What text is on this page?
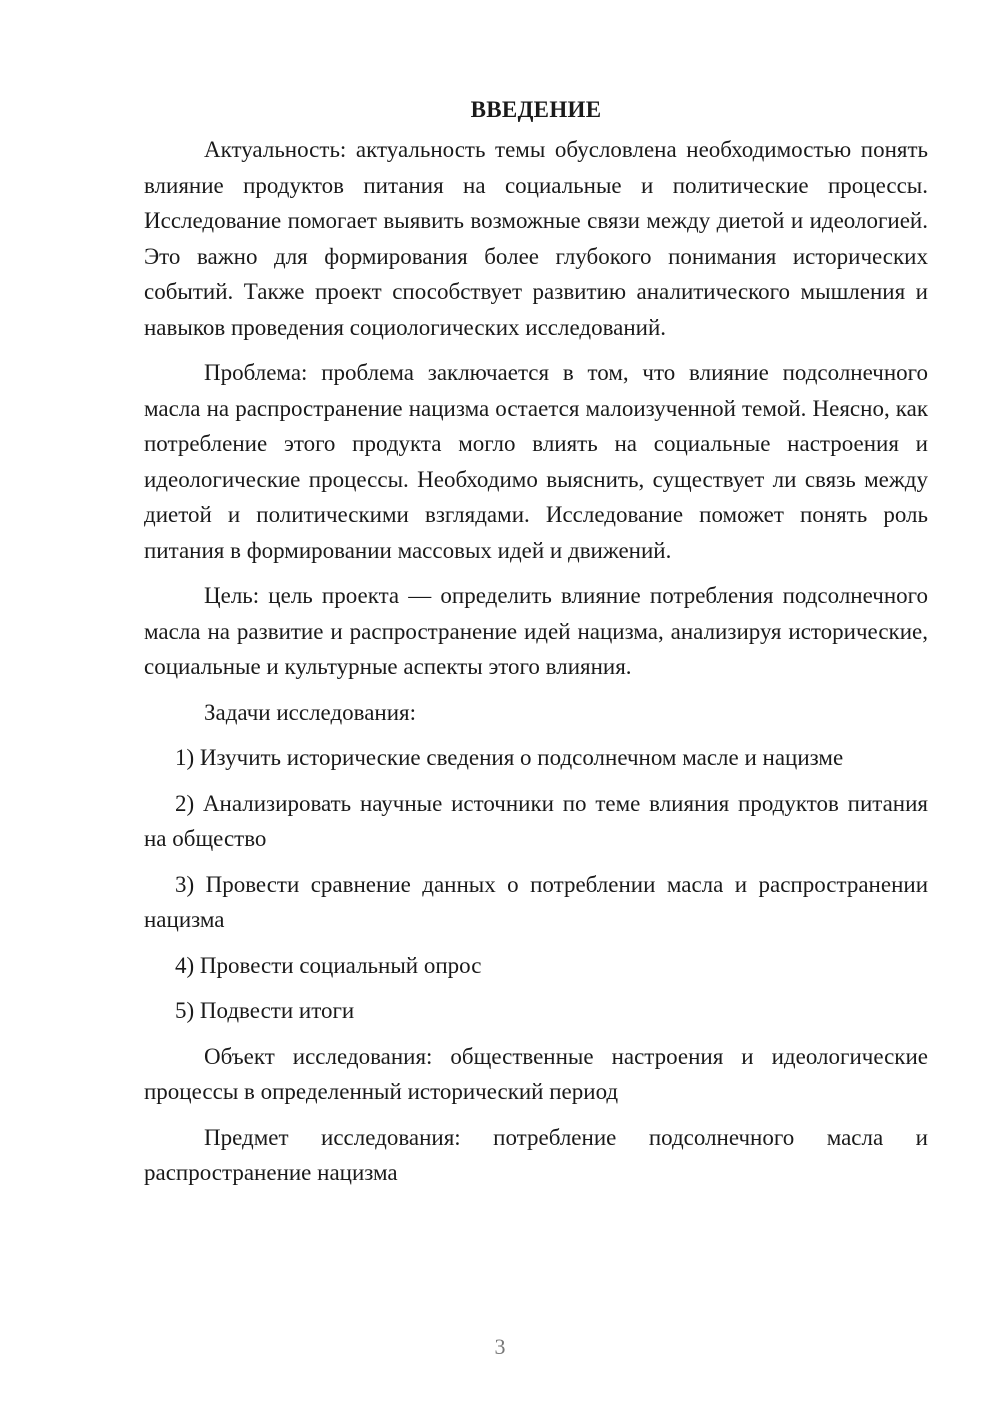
ВВЕДЕНИЕ

Актуальность: актуальность темы обусловлена необходимостью понять влияние продуктов питания на социальные и политические процессы. Исследование помогает выявить возможные связи между диетой и идеологией. Это важно для формирования более глубокого понимания исторических событий. Также проект способствует развитию аналитического мышления и навыков проведения социологических исследований.

Проблема: проблема заключается в том, что влияние подсолнечного масла на распространение нацизма остается малоизученной темой. Неясно, как потребление этого продукта могло влиять на социальные настроения и идеологические процессы. Необходимо выяснить, существует ли связь между диетой и политическими взглядами. Исследование поможет понять роль питания в формировании массовых идей и движений.

Цель: цель проекта — определить влияние потребления подсолнечного масла на развитие и распространение идей нацизма, анализируя исторические, социальные и культурные аспекты этого влияния.

Задачи исследования:

1) Изучить исторические сведения о подсолнечном масле и нацизме

2) Анализировать научные источники по теме влияния продуктов питания на общество

3) Провести сравнение данных о потреблении масла и распространении нацизма

4) Провести социальный опрос

5) Подвести итоги

Объект исследования: общественные настроения и идеологические процессы в определенный исторический период

Предмет исследования: потребление подсолнечного масла и распространение нацизма

3
